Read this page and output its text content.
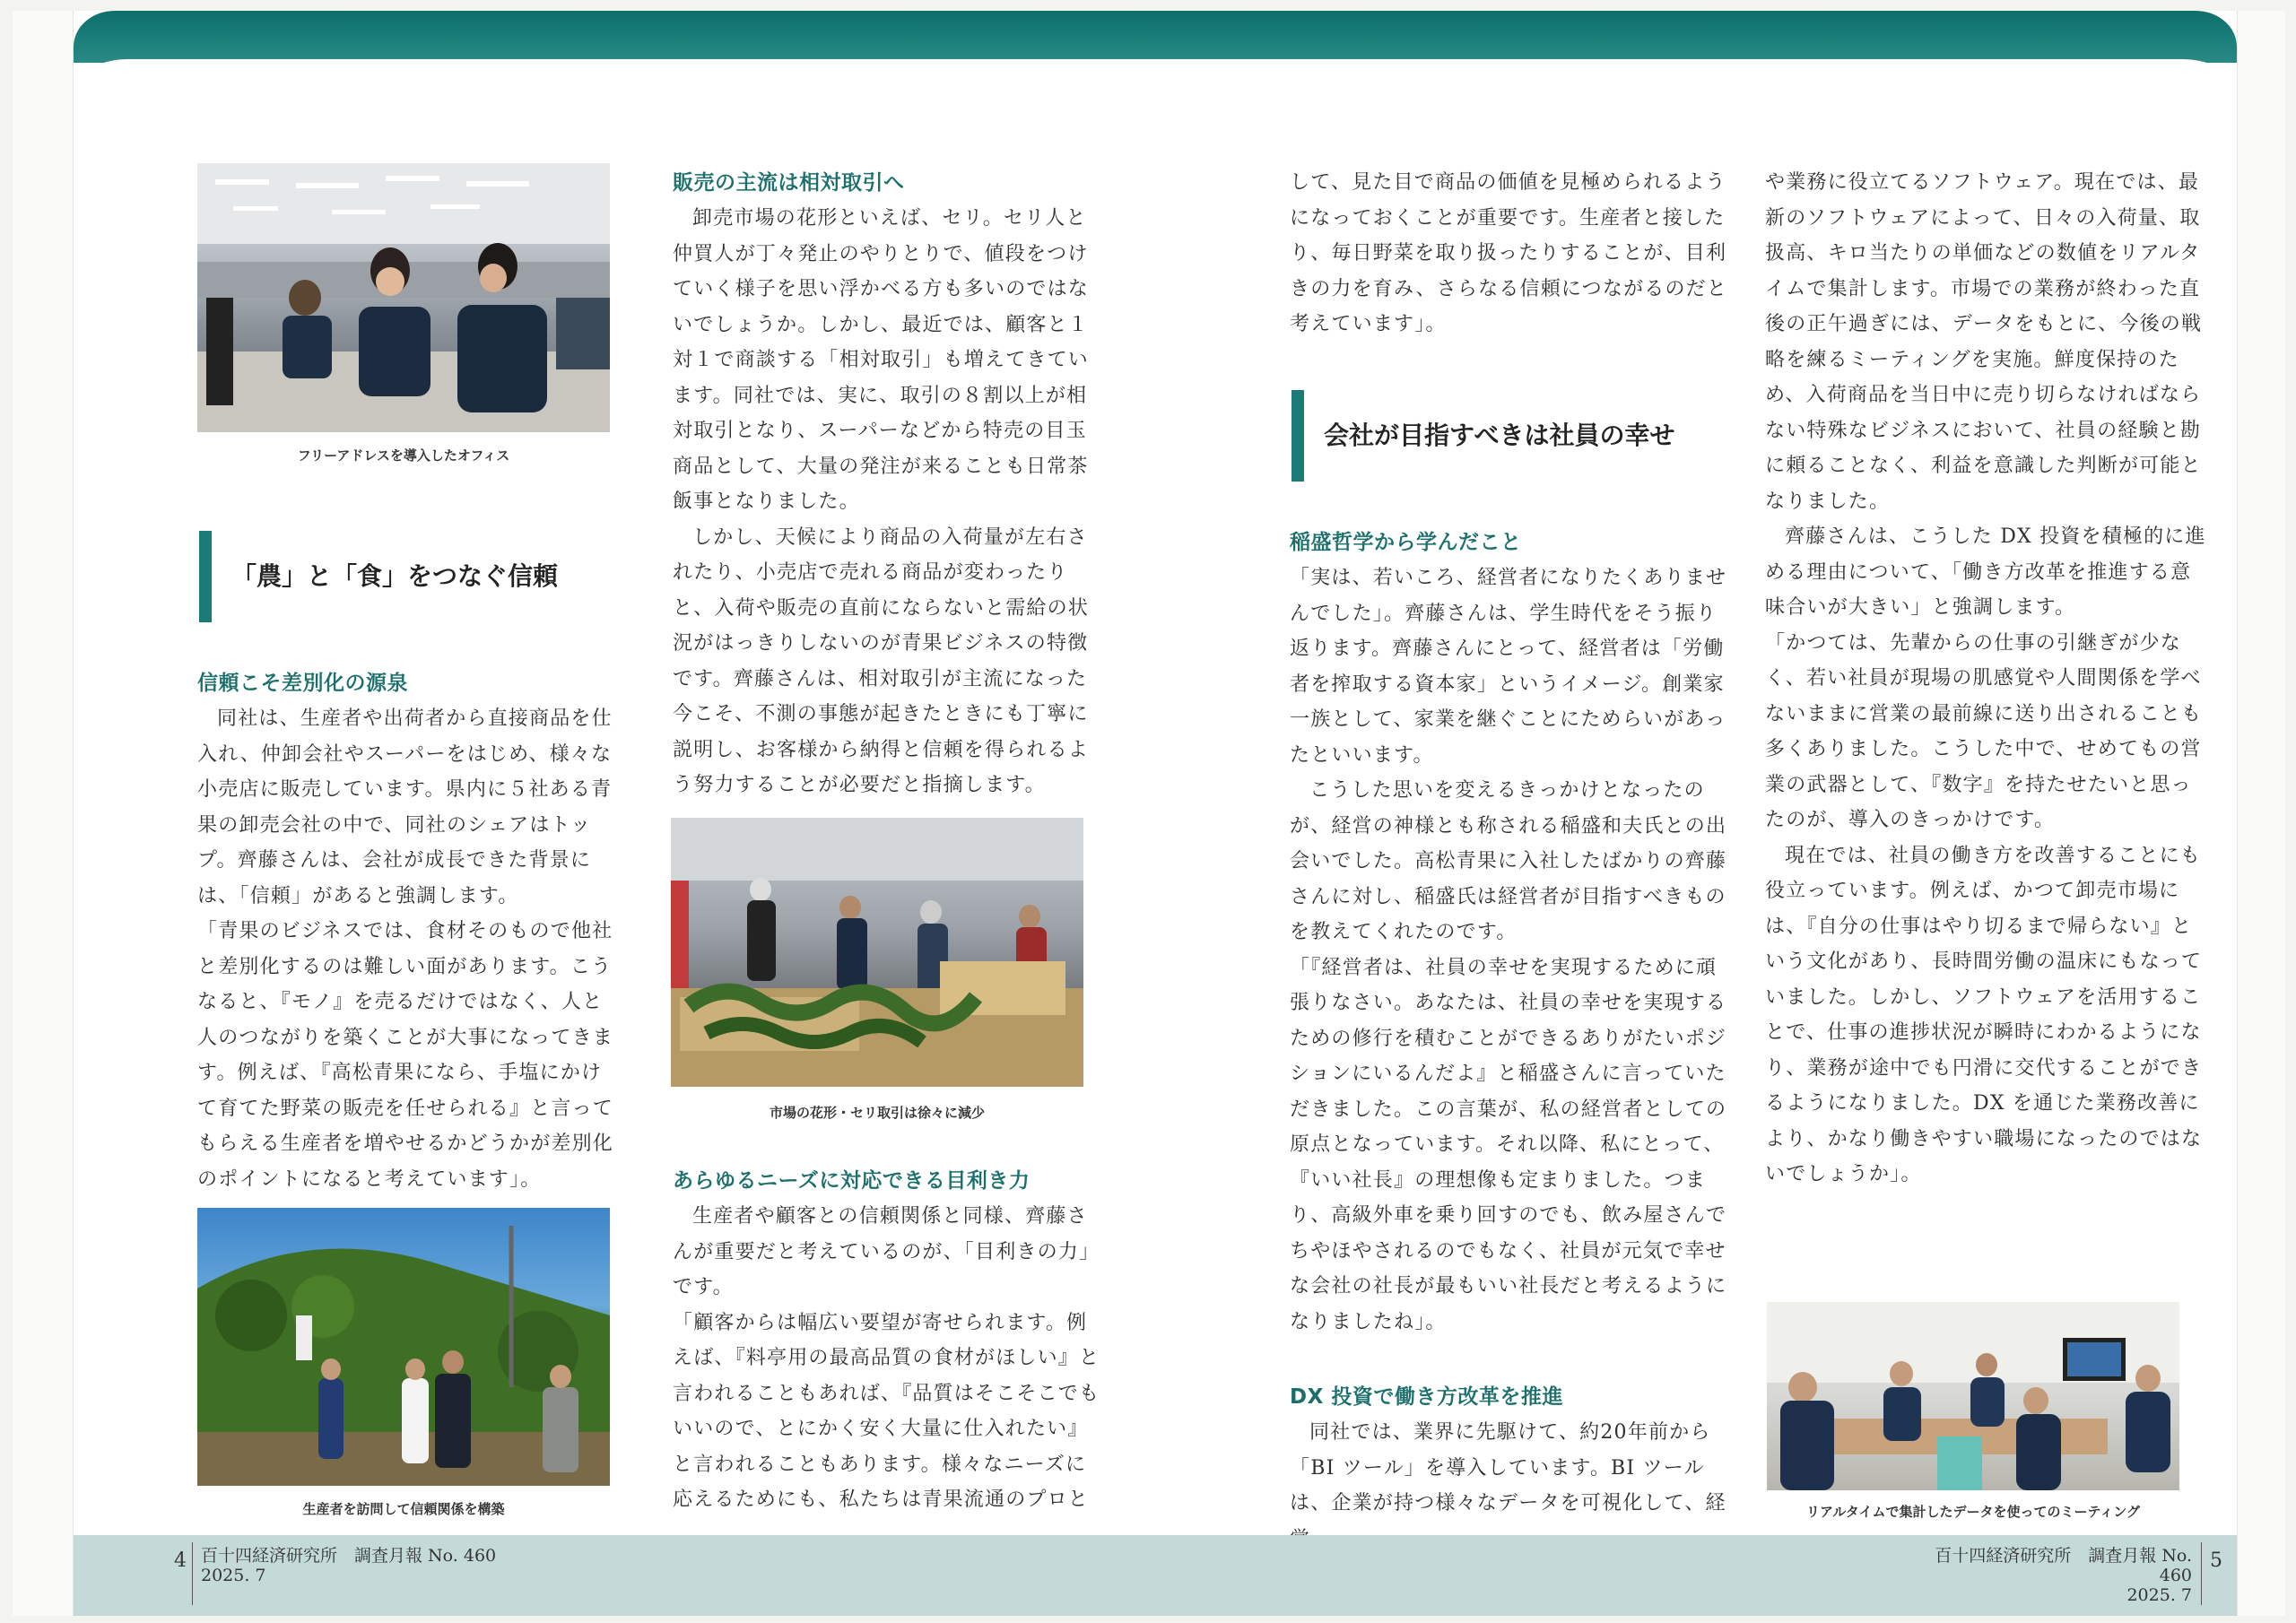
フリーアドレスを導入したオフィス
「農」と「食」をつなぐ信頼
信頼こそ差別化の源泉

同社は、生産者や出荷者から直接商品を仕入れ、仲卸会社やスーパーをはじめ、様々な小売店に販売しています。県内に５社ある青果の卸売会社の中で、同社のシェアはトップ。齊藤さんは、会社が成長できた背景には、「信頼」があると強調します。

「青果のビジネスでは、食材そのもので他社と差別化するのは難しい面があります。こうなると、『モノ』を売るだけではなく、人と人のつながりを築くことが大事になってきます。例えば、『高松青果になら、手塩にかけて育てた野菜の販売を任せられる』と言ってもらえる生産者を増やせるかどうかが差別化のポイントになると考えています」。

生産者を訪問して信頼関係を構築
販売の主流は相対取引へ

卸売市場の花形といえば、セリ。セリ人と仲買人が丁々発止のやりとりで、値段をつけていく様子を思い浮かべる方も多いのではないでしょうか。しかし、最近では、顧客と１対１で商談する「相対取引」も増えてきています。同社では、実に、取引の８割以上が相対取引となり、スーパーなどから特売の目玉商品として、大量の発注が来ることも日常茶飯事となりました。

しかし、天候により商品の入荷量が左右されたり、小売店で売れる商品が変わったりと、入荷や販売の直前にならないと需給の状況がはっきりしないのが青果ビジネスの特徴です。齊藤さんは、相対取引が主流になった今こそ、不測の事態が起きたときにも丁寧に説明し、お客様から納得と信頼を得られるよう努力することが必要だと指摘します。

市場の花形・セリ取引は徐々に減少
あらゆるニーズに対応できる目利き力

生産者や顧客との信頼関係と同様、齊藤さんが重要だと考えているのが、「目利きの力」です。

「顧客からは幅広い要望が寄せられます。例えば、『料亭用の最高品質の食材がほしい』と言われることもあれば、『品質はそこそこでもいいので、とにかく安く大量に仕入れたい』と言われることもあります。様々なニーズに応えるためにも、私たちは青果流通のプロと

4 百十四経済研究所　調査月報 No. 460
2025. 7

して、見た目で商品の価値を見極められるようになっておくことが重要です。生産者と接したり、毎日野菜を取り扱ったりすることが、目利きの力を育み、さらなる信頼につながるのだと考えています」。

会社が目指すべきは社員の幸せ
稲盛哲学から学んだこと

「実は、若いころ、経営者になりたくありませんでした」。齊藤さんは、学生時代をそう振り返ります。齊藤さんにとって、経営者は「労働者を搾取する資本家」というイメージ。創業家一族として、家業を継ぐことにためらいがあったといいます。

こうした思いを変えるきっかけとなったのが、経営の神様とも称される稲盛和夫氏との出会いでした。高松青果に入社したばかりの齊藤さんに対し、稲盛氏は経営者が目指すべきものを教えてくれたのです。

「『経営者は、社員の幸せを実現するために頑張りなさい。あなたは、社員の幸せを実現するための修行を積むことができるありがたいポジションにいるんだよ』と稲盛さんに言っていただきました。この言葉が、私の経営者としての原点となっています。それ以降、私にとって、『いい社長』の理想像も定まりました。つまり、高級外車を乗り回すのでも、飲み屋さんでちやほやされるのでもなく、社員が元気で幸せな会社の社長が最もいい社長だと考えるようになりましたね」。

DX 投資で働き方改革を推進

同社では、業界に先駆けて、約20年前から「BI ツール」を導入しています。BI ツールは、企業が持つ様々なデータを可視化して、経

や業務に役立てるソフトウェア。現在では、最新のソフトウェアによって、日々の入荷量、取扱高、キロ当たりの単価などの数値をリアルタイムで集計します。市場での業務が終わった直後の正午過ぎには、データをもとに、今後の戦略を練るミーティングを実施。鮮度保持のため、入荷商品を当日中に売り切らなければならない特殊なビジネスにおいて、社員の経験と勘に頼ることなく、利益を意識した判断が可能となりました。

齊藤さんは、こうした DX 投資を積極的に進める理由について、「働き方改革を推進する意味合いが大きい」と強調します。

「かつては、先輩からの仕事の引継ぎが少なく、若い社員が現場の肌感覚や人間関係を学べないままに営業の最前線に送り出されることも多くありました。こうした中で、せめてもの営業の武器として、『数字』を持たせたいと思ったのが、導入のきっかけです。

現在では、社員の働き方を改善することにも役立っています。例えば、かつて卸売市場には、『自分の仕事はやり切るまで帰らない』という文化があり、長時間労働の温床にもなっていました。しかし、ソフトウェアを活用することで、仕事の進捗状況が瞬時にわかるようになり、業務が途中でも円滑に交代することができるようになりました。DX を通じた業務改善により、かなり働きやすい職場になったのではないでしょうか」。

リアルタイムで集計したデータを使ってのミーティング
百十四経済研究所　調査月報 No. 460
2025. 7
5
